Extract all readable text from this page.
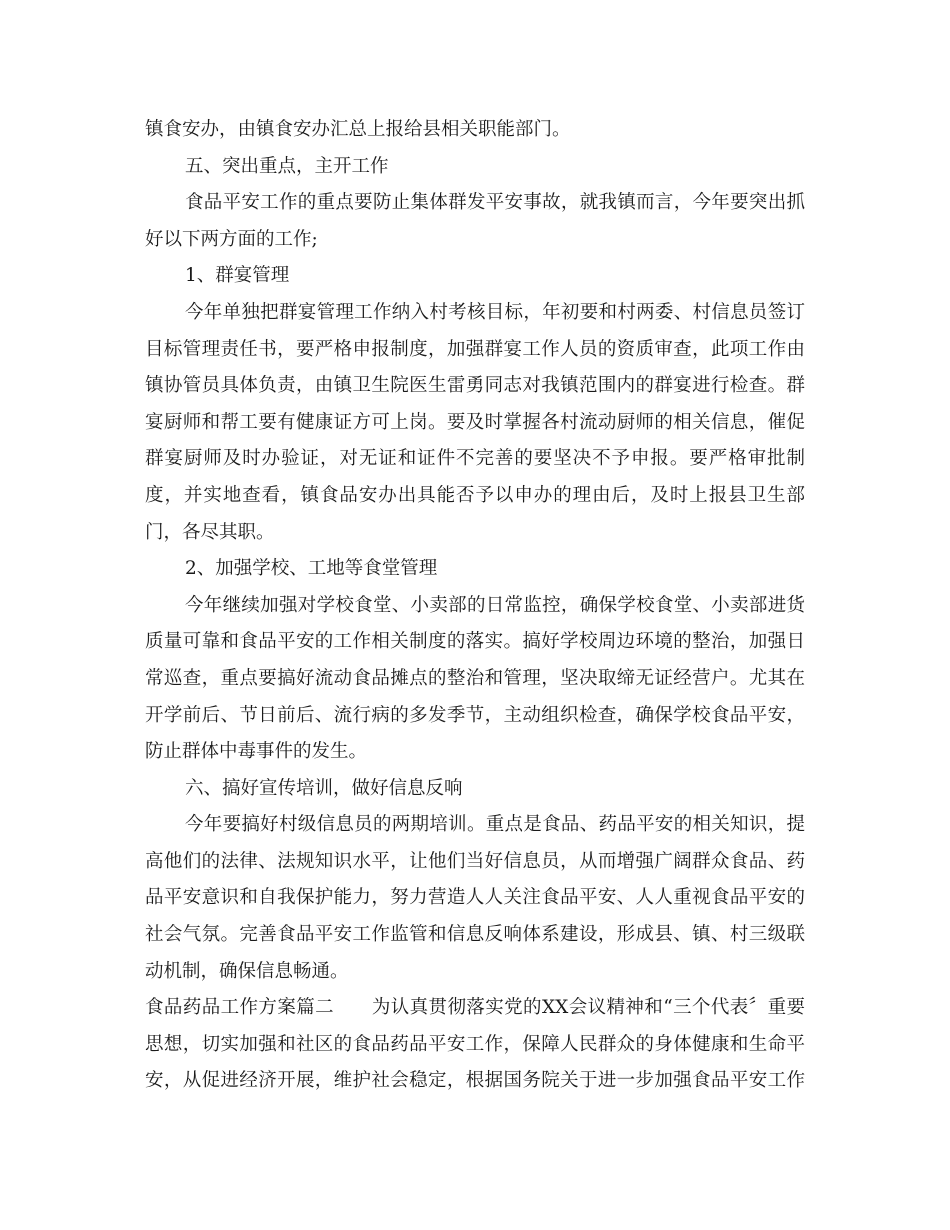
镇食安办，由镇食安办汇总上报给县相关职能部门。
五、突出重点，主开工作
食品平安工作的重点要防止集体群发平安事故，就我镇而言，今年要突出抓
好以下两方面的工作;
1、群宴管理
今年单独把群宴管理工作纳入村考核目标，年初要和村两委、村信息员签订
目标管理责任书，要严格申报制度，加强群宴工作人员的资质审查，此项工作由
镇协管员具体负责，由镇卫生院医生雷勇同志对我镇范围内的群宴进行检查。群
宴厨师和帮工要有健康证方可上岗。要及时掌握各村流动厨师的相关信息，催促
群宴厨师及时办验证，对无证和证件不完善的要坚决不予申报。要严格审批制
度，并实地查看，镇食品安办出具能否予以申办的理由后，及时上报县卫生部
门，各尽其职。
2、加强学校、工地等食堂管理
今年继续加强对学校食堂、小卖部的日常监控，确保学校食堂、小卖部进货
质量可靠和食品平安的工作相关制度的落实。搞好学校周边环境的整治，加强日
常巡查，重点要搞好流动食品摊点的整治和管理，坚决取缔无证经营户。尤其在
开学前后、节日前后、流行病的多发季节，主动组织检查，确保学校食品平安，
防止群体中毒事件的发生。
六、搞好宣传培训，做好信息反响
今年要搞好村级信息员的两期培训。重点是食品、药品平安的相关知识，提
高他们的法律、法规知识水平，让他们当好信息员，从而增强广阔群众食品、药
品平安意识和自我保护能力，努力营造人人关注食品平安、人人重视食品平安的
社会气氛。完善食品平安工作监管和信息反响体系建设，形成县、镇、村三级联
动机制，确保信息畅通。
食品药品工作方案篇二　　为认真贯彻落实党的XX会议精神和“三个代表〞重要
思想，切实加强和社区的食品药品平安工作，保障人民群众的身体健康和生命平
安，从促进经济开展，维护社会稳定，根据国务院关于进一步加强食品平安工作
